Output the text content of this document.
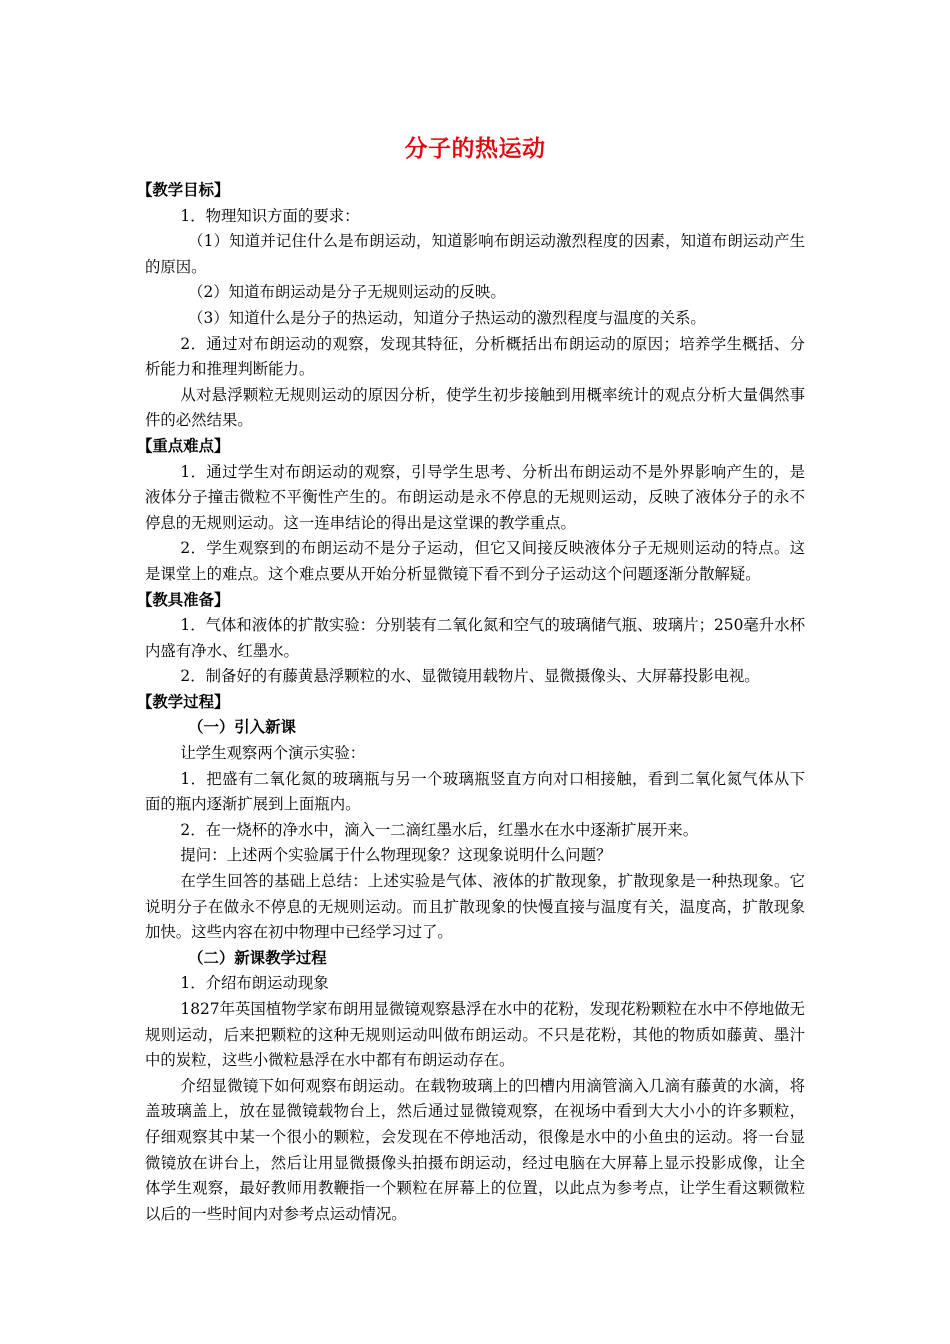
分子的热运动

【教学目标】

1．物理知识方面的要求：

（1）知道并记住什么是布朗运动，知道影响布朗运动激烈程度的因素，知道布朗运动产生的原因。

（2）知道布朗运动是分子无规则运动的反映。

（3）知道什么是分子的热运动，知道分子热运动的激烈程度与温度的关系。

2．通过对布朗运动的观察，发现其特征，分析概括出布朗运动的原因；培养学生概括、分析能力和推理判断能力。

从对悬浮颗粒无规则运动的原因分析，使学生初步接触到用概率统计的观点分析大量偶然事件的必然结果。

【重点难点】

1．通过学生对布朗运动的观察，引导学生思考、分析出布朗运动不是外界影响产生的，是液体分子撞击微粒不平衡性产生的。布朗运动是永不停息的无规则运动，反映了液体分子的永不停息的无规则运动。这一连串结论的得出是这堂课的教学重点。

2．学生观察到的布朗运动不是分子运动，但它又间接反映液体分子无规则运动的特点。这是课堂上的难点。这个难点要从开始分析显微镜下看不到分子运动这个问题逐渐分散解疑。

【教具准备】

1．气体和液体的扩散实验：分别装有二氧化氮和空气的玻璃储气瓶、玻璃片；250毫升水杯内盛有净水、红墨水。

2．制备好的有藤黄悬浮颗粒的水、显微镜用载物片、显微摄像头、大屏幕投影电视。

【教学过程】

（一）引入新课

让学生观察两个演示实验：

1．把盛有二氧化氮的玻璃瓶与另一个玻璃瓶竖直方向对口相接触，看到二氧化氮气体从下面的瓶内逐渐扩展到上面瓶内。

2．在一烧杯的净水中，滴入一二滴红墨水后，红墨水在水中逐渐扩展开来。

提问：上述两个实验属于什么物理现象？这现象说明什么问题？

在学生回答的基础上总结：上述实验是气体、液体的扩散现象，扩散现象是一种热现象。它说明分子在做永不停息的无规则运动。而且扩散现象的快慢直接与温度有关，温度高，扩散现象加快。这些内容在初中物理中已经学习过了。

（二）新课教学过程

1．介绍布朗运动现象

1827年英国植物学家布朗用显微镜观察悬浮在水中的花粉，发现花粉颗粒在水中不停地做无规则运动，后来把颗粒的这种无规则运动叫做布朗运动。不只是花粉，其他的物质如藤黄、墨汁中的炭粒，这些小微粒悬浮在水中都有布朗运动存在。

介绍显微镜下如何观察布朗运动。在载物玻璃上的凹槽内用滴管滴入几滴有藤黄的水滴，将盖玻璃盖上，放在显微镜载物台上，然后通过显微镜观察，在视场中看到大大小小的许多颗粒，仔细观察其中某一个很小的颗粒，会发现在不停地活动，很像是水中的小鱼虫的运动。将一台显微镜放在讲台上，然后让用显微摄像头拍摄布朗运动，经过电脑在大屏幕上显示投影成像，让全体学生观察，最好教师用教鞭指一个颗粒在屏幕上的位置，以此点为参考点，让学生看这颗微粒以后的一些时间内对参考点运动情况。
